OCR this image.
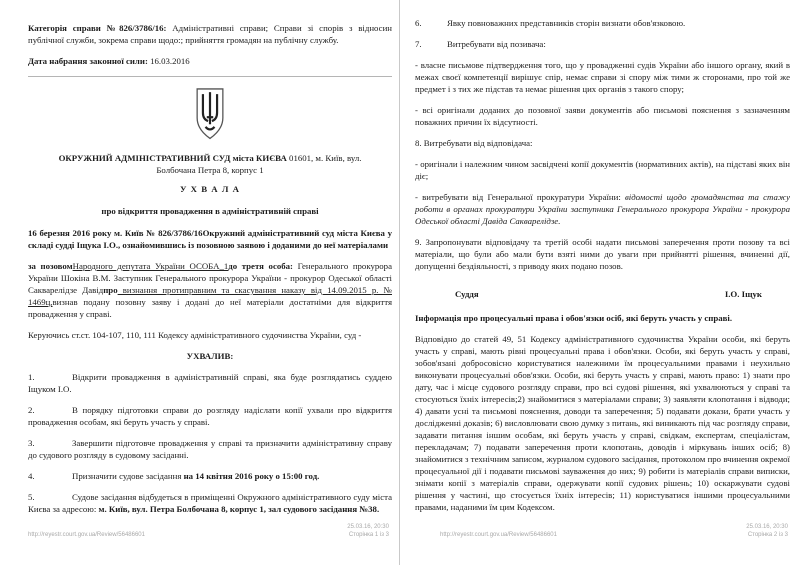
Категорія справи №826/3786/16: Адміністративні справи; Справи зі спорів з відносин публічної служби, зокрема справи щодо:; прийняття громадян на публічну службу.

Дата набрання законної сили: 16.03.2016

ОКРУЖНИЙ АДМІНІСТРАТИВНИЙ СУД міста КИЄВА 01601, м. Київ, вул. Болбочана Петра 8, корпус 1

У Х В А Л А

про відкриття провадження в адміністративній справі

16 березня 2016 року м. Київ № 826/3786/16Окружний адміністративний суд міста Києва у складі судді Іщука І.О., ознайомившись із позовною заявою і доданими до неї матеріалами

за позовомНародного депутата України ОСОБА_1до третя особа: Генерального прокурора України Шокіна В.М. Заступник Генерального прокурора України - прокурор Одеської області Сакварелідзе Давідпро визнання протиправним та скасування наказу від 14.09.2015 р. № 1469ц,визнав подану позовну заяву і додані до неї матеріали достатніми для відкриття провадження у справі.

Керуючись ст.ст. 104-107, 110, 111 Кодексу адміністративного судочинства України, суд -

УХВАЛИВ:

1.	Відкрити провадження в адміністративній справі, яка буде розглядатись суддею Іщуком І.О.

2.	В порядку підготовки справи до розгляду надіслати копії ухвали про відкриття провадження особам, які беруть участь у справі.

3.	Завершити підготовче провадження у справі та призначити адміністративну справу до судового розгляду в судовому засіданні.

4.	Призначити судове засідання на 14 квітня 2016 року о 15:00 год.

5.	Судове засідання відбудеться в приміщенні Окружного адміністративного суду міста Києва за адресою: м. Київ, вул. Петра Болбочана 8, корпус 1, зал судового засідання №38.

http://reyestr.court.gov.ua/Review/56486601
25.03.16, 20:30
Сторінка 1 із 3

6.	Явку повноважних представників сторін визнати обов'язковою.

7.	Витребувати від позивача:

- власне письмове підтвердження того, що у провадженні судів України або іншого органу, який в межах своєї компетенції вирішує спір, немає справи зі спору між тими ж сторонами, про той же предмет і з тих же підстав та немає рішення цих органів з такого спору;

- всі оригінали доданих до позовної заяви документів або письмові пояснення з зазначенням поважних причин їх відсутності.

8. Витребувати від відповідача:

- оригінали і належним чином засвідчені копії документів (нормативних актів), на підставі яких він діє;

- витребувати від Генеральної прокуратури України: відомості щодо громадянства та стажу роботи в органах прокуратури України заступника Генерального прокурора України - прокурора Одеської області Давіда Сакварелідзе.

9. Запропонувати відповідачу та третій особі надати письмові заперечення проти позову та всі матеріали, що були або мали бути взяті ними до уваги при прийнятті рішення, вчиненні дії, допущенні бездіяльності, з приводу яких подано позов.

Суддя	І.О. Іщук

Інформація про процесуальні права і обов'язки осіб, які беруть участь у справі.

Відповідно до статей 49, 51 Кодексу адміністративного судочинства України особи, які беруть участь у справі, мають рівні процесуальні права і обов'язки. Особи, які беруть участь у справі, зобов'язані добросовісно користуватися належними їм процесуальними правами і неухильно виконувати процесуальні обов'язки. Особи, які беруть участь у справі, мають право: 1) знати про дату, час і місце судового розгляду справи, про всі судові рішення, які ухвалюються у справі та стосуються їхніх інтересів;2) знайомитися з матеріалами справи; 3) заявляти клопотання і відводи; 4) давати усні та письмові пояснення, доводи та заперечення; 5) подавати докази, брати участь у дослідженні доказів; 6) висловлювати свою думку з питань, які виникають під час розгляду справи, задавати питання іншим особам, які беруть участь у справі, свідкам, експертам, спеціалістам, перекладачам; 7) подавати заперечення проти клопотань, доводів і міркувань інших осіб; 8) знайомитися з технічним записом, журналом судового засідання, протоколом про вчинення окремої процесуальної дії і подавати письмові зауваження до них; 9) робити із матеріалів справи виписки, знімати копії з матеріалів справи, одержувати копії судових рішень; 10) оскаржувати судові рішення у частині, що стосується їхніх інтересів; 11) користуватися іншими процесуальними правами, наданими їм цим Кодексом.

http://reyestr.court.gov.ua/Review/56486601
25.03.16, 20:30
Сторінка 2 із 3
